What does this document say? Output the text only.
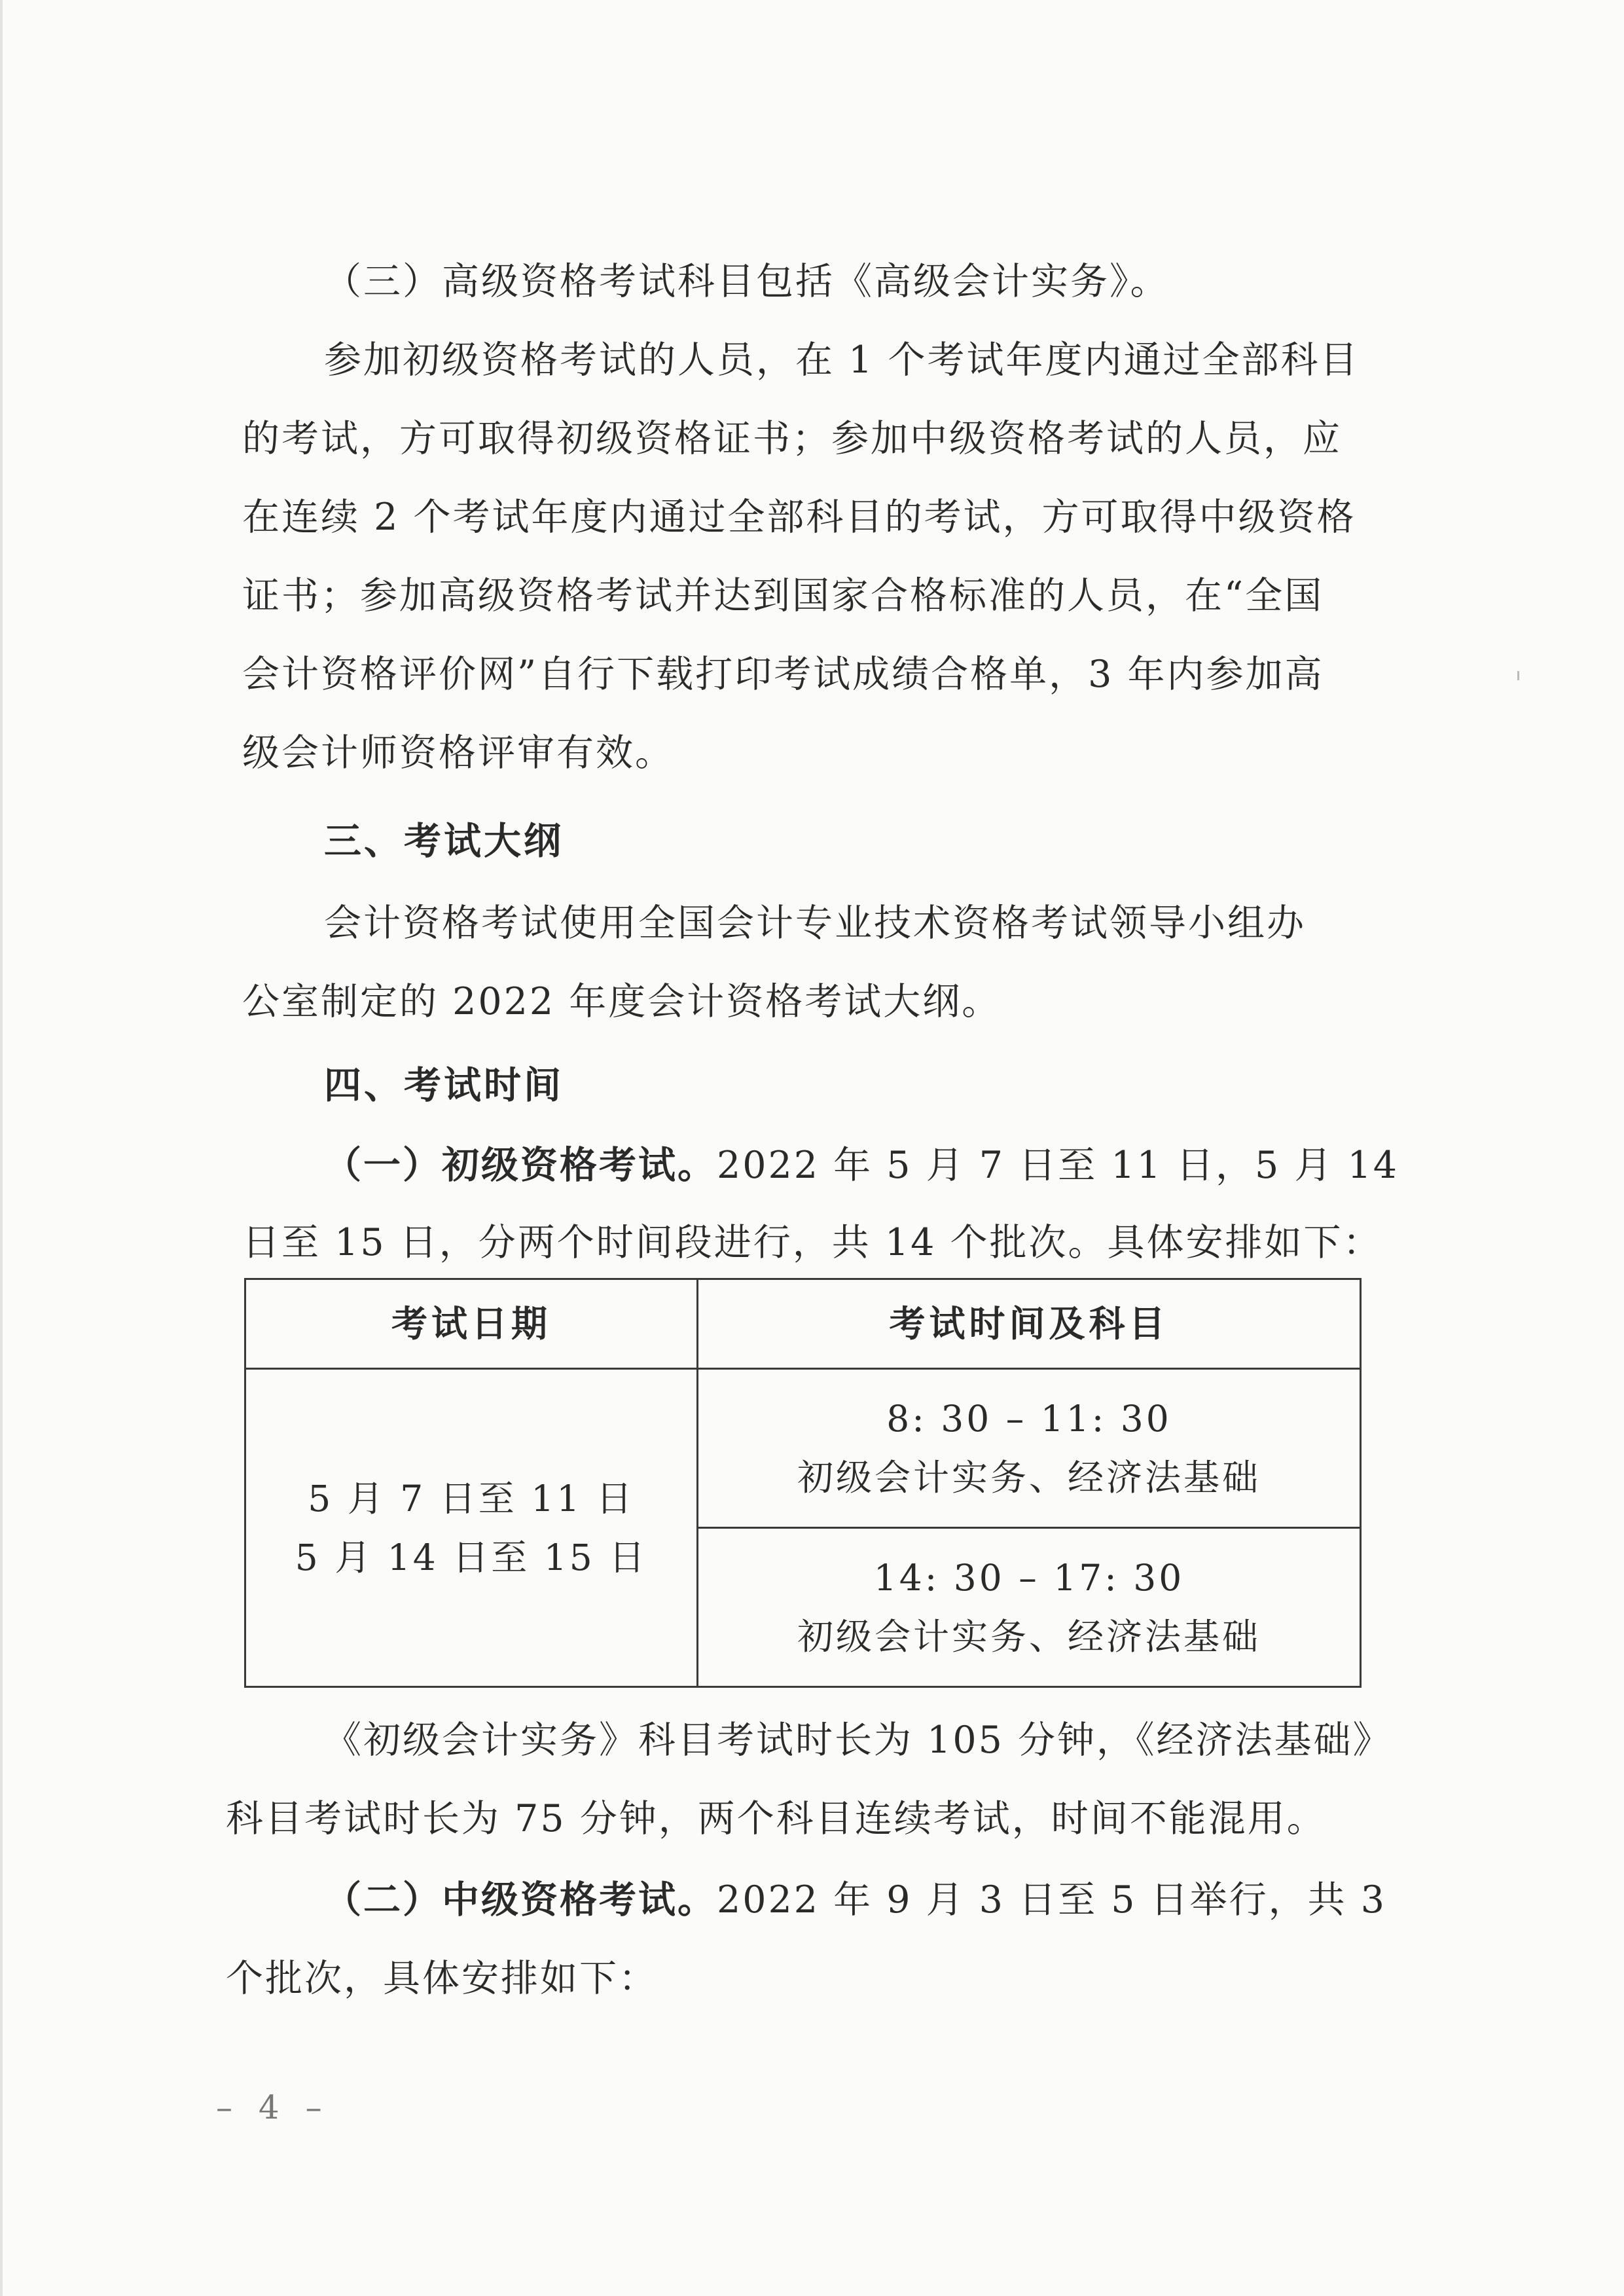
（三）高级资格考试科目包括《高级会计实务》。
参加初级资格考试的人员，在 1 个考试年度内通过全部科目
的考试，方可取得初级资格证书；参加中级资格考试的人员，应
在连续 2 个考试年度内通过全部科目的考试，方可取得中级资格
证书；参加高级资格考试并达到国家合格标准的人员，在“全国
会计资格评价网”自行下载打印考试成绩合格单，3 年内参加高
级会计师资格评审有效。
三、考试大纲
会计资格考试使用全国会计专业技术资格考试领导小组办
公室制定的 2022 年度会计资格考试大纲。
四、考试时间
（一）初级资格考试。2022 年 5 月 7 日至 11 日，5 月 14
日至 15 日，分两个时间段进行，共 14 个批次。具体安排如下：
考试日期	考试时间及科目
5 月 7 日至 11 日
5 月 14 日至 15 日
8: 30 – 11: 30
初级会计实务、经济法基础
14: 30 – 17: 30
初级会计实务、经济法基础
《初级会计实务》科目考试时长为 105 分钟，《经济法基础》
科目考试时长为 75 分钟，两个科目连续考试，时间不能混用。
（二）中级资格考试。2022 年 9 月 3 日至 5 日举行，共 3
个批次，具体安排如下：
– 4 –
